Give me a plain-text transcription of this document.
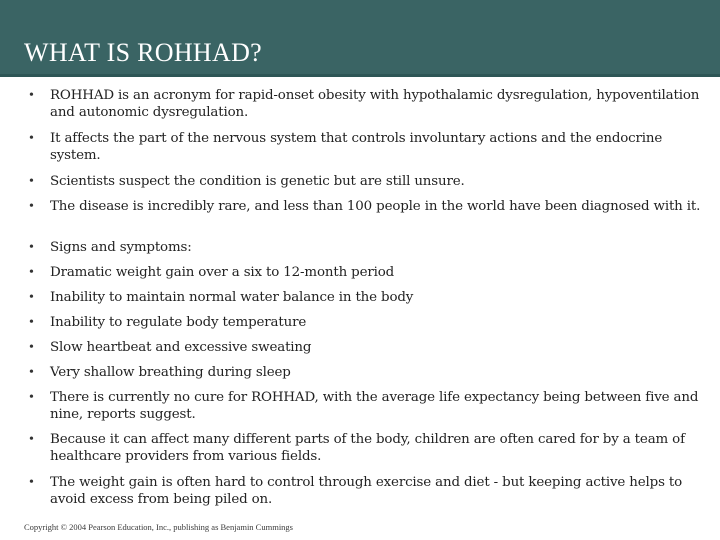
WHAT IS ROHHAD?
• ROHHAD is an acronym for rapid-onset obesity with hypothalamic dysregulation, hypoventilation and autonomic dysregulation.
• It affects the part of the nervous system that controls involuntary actions and the endocrine system.
• Scientists suspect the condition is genetic but are still unsure.
• The disease is incredibly rare, and less than 100 people in the world have been diagnosed with it.
• Signs and symptoms:
• Dramatic weight gain over a six to 12-month period
• Inability to maintain normal water balance in the body
• Inability to regulate body temperature
• Slow heartbeat and excessive sweating
• Very shallow breathing during sleep
• There is currently no cure for ROHHAD, with the average life expectancy being between five and nine, reports suggest.
• Because it can affect many different parts of the body, children are often cared for by a team of healthcare providers from various fields.
• The weight gain is often hard to control through exercise and diet - but keeping active helps to avoid excess from being piled on.
Copyright © 2004 Pearson Education, Inc., publishing as Benjamin Cummings
